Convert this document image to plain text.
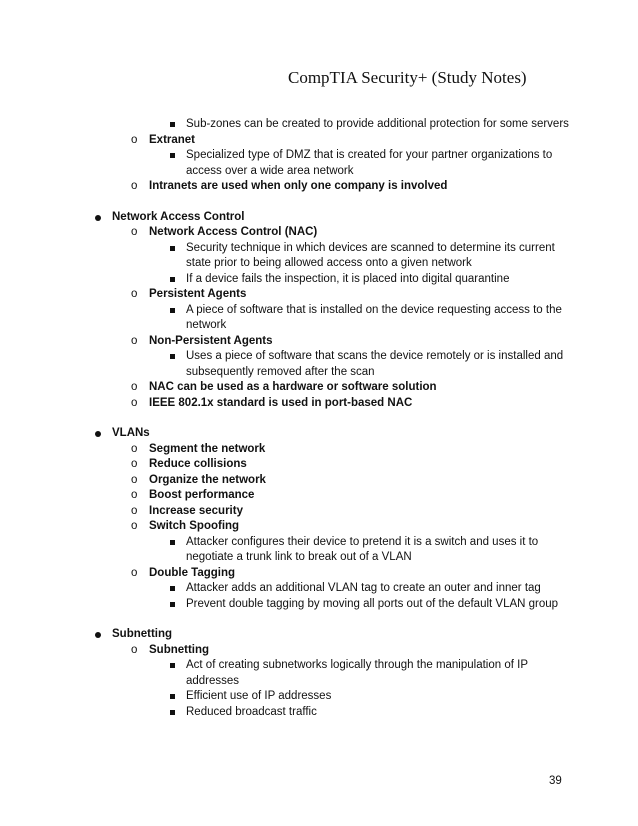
CompTIA Security+ (Study Notes)
Sub-zones can be created to provide additional protection for some servers
o Extranet
Specialized type of DMZ that is created for your partner organizations to access over a wide area network
o Intranets are used when only one company is involved
Network Access Control
o Network Access Control (NAC)
Security technique in which devices are scanned to determine its current state prior to being allowed access onto a given network
If a device fails the inspection, it is placed into digital quarantine
o Persistent Agents
A piece of software that is installed on the device requesting access to the network
o Non-Persistent Agents
Uses a piece of software that scans the device remotely or is installed and subsequently removed after the scan
o NAC can be used as a hardware or software solution
o IEEE 802.1x standard is used in port-based NAC
VLANs
o Segment the network
o Reduce collisions
o Organize the network
o Boost performance
o Increase security
o Switch Spoofing
Attacker configures their device to pretend it is a switch and uses it to negotiate a trunk link to break out of a VLAN
o Double Tagging
Attacker adds an additional VLAN tag to create an outer and inner tag
Prevent double tagging by moving all ports out of the default VLAN group
Subnetting
o Subnetting
Act of creating subnetworks logically through the manipulation of IP addresses
Efficient use of IP addresses
Reduced broadcast traffic
39
